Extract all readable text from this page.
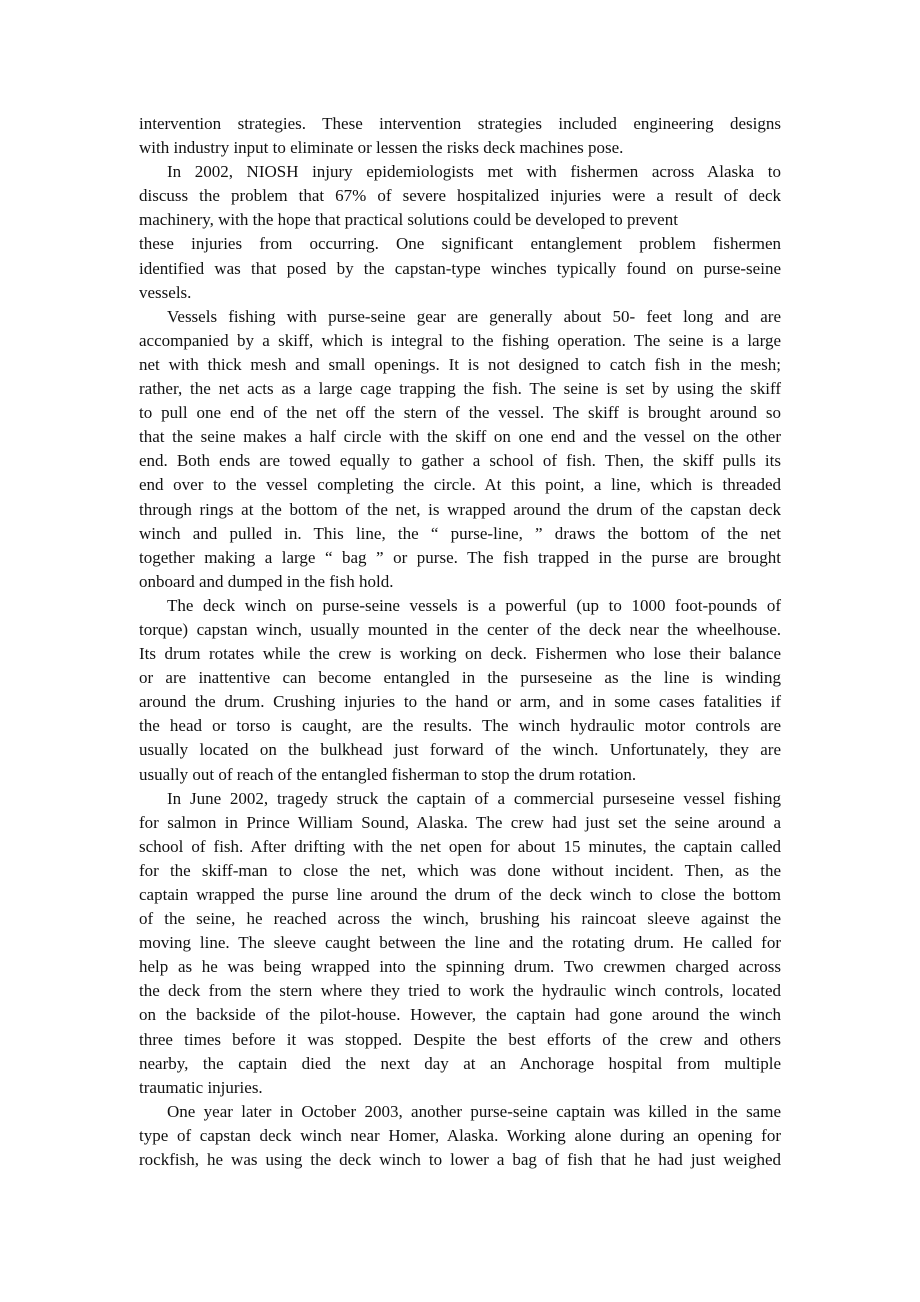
intervention strategies. These intervention strategies included engineering designs
with industry input to eliminate or lessen the risks deck machines pose.

In 2002, NIOSH injury epidemiologists met with fishermen across Alaska to
discuss the problem that 67% of severe hospitalized injuries were a result of deck
machinery, with the hope that practical solutions could be developed to prevent
these injuries from occurring. One significant entanglement problem fishermen
identified was that posed by the capstan-type winches typically found on purse-seine
vessels.

Vessels fishing with purse-seine gear are generally about 50- feet long and are
accompanied by a skiff, which is integral to the fishing operation. The seine is a large
net with thick mesh and small openings. It is not designed to catch fish in the mesh;
rather, the net acts as a large cage trapping the fish. The seine is set by using the skiff
to pull one end of the net off the stern of the vessel. The skiff is brought around so
that the seine makes a half circle with the skiff on one end and the vessel on the other
end. Both ends are towed equally to gather a school of fish. Then, the skiff pulls its
end over to the vessel completing the circle. At this point, a line, which is threaded
through rings at the bottom of the net, is wrapped around the drum of the capstan deck
winch and pulled in. This line, the “ purse-line, ” draws the bottom of the net
together making a large “ bag ” or purse. The fish trapped in the purse are brought
onboard and dumped in the fish hold.

The deck winch on purse-seine vessels is a powerful (up to 1000 foot-pounds of
torque) capstan winch, usually mounted in the center of the deck near the wheelhouse.
Its drum rotates while the crew is working on deck. Fishermen who lose their balance
or are inattentive can become entangled in the purseseine as the line is winding
around the drum. Crushing injuries to the hand or arm, and in some cases fatalities if
the head or torso is caught, are the results. The winch hydraulic motor controls are
usually located on the bulkhead just forward of the winch. Unfortunately, they are
usually out of reach of the entangled fisherman to stop the drum rotation.

In June 2002, tragedy struck the captain of a commercial purseseine vessel fishing
for salmon in Prince William Sound, Alaska. The crew had just set the seine around a
school of fish. After drifting with the net open for about 15 minutes, the captain called
for the skiff-man to close the net, which was done without incident. Then, as the
captain wrapped the purse line around the drum of the deck winch to close the bottom
of the seine, he reached across the winch, brushing his raincoat sleeve against the
moving line. The sleeve caught between the line and the rotating drum. He called for
help as he was being wrapped into the spinning drum. Two crewmen charged across
the deck from the stern where they tried to work the hydraulic winch controls, located
on the backside of the pilot-house. However, the captain had gone around the winch
three times before it was stopped. Despite the best efforts of the crew and others
nearby, the captain died the next day at an Anchorage hospital from multiple
traumatic injuries.

One year later in October 2003, another purse-seine captain was killed in the same
type of capstan deck winch near Homer, Alaska. Working alone during an opening for
rockfish, he was using the deck winch to lower a bag of fish that he had just weighed
